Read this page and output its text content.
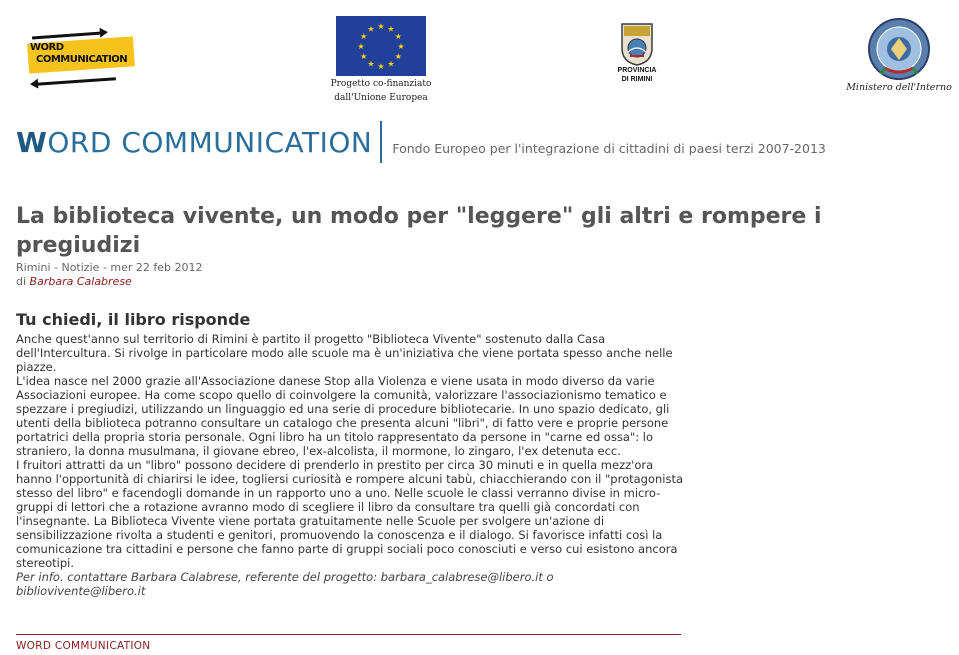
WORD
COMMUNICATION
★ ★
★
★
★
★
★
★
★
★
★
★
Progetto co-finanziato
dall'Unione Europea
PROVINCIA
DI RIMINI
Ministero dell'Interno
WORD COMMUNICATION Fondo Europeo per l'integrazione di cittadini di paesi terzi 2007-2013
La biblioteca vivente, un modo per "leggere" gli altri e rompere i pregiudizi
Rimini - Notizie - mer 22 feb 2012
di Barbara Calabrese
Tu chiedi, il libro risponde

Anche quest'anno sul territorio di Rimini è partito il progetto "Biblioteca Vivente" sostenuto dalla Casa dell'Intercultura. Si rivolge in particolare modo alle scuole ma è un'iniziativa che viene portata spesso anche nelle piazze.

L'idea nasce nel 2000 grazie all'Associazione danese Stop alla Violenza e viene usata in modo diverso da varie Associazioni europee. Ha come scopo quello di coinvolgere la comunità, valorizzare l'associazionismo tematico e spezzare i pregiudizi, utilizzando un linguaggio ed una serie di procedure bibliotecarie. In uno spazio dedicato, gli utenti della biblioteca potranno consultare un catalogo che presenta alcuni "libri", di fatto vere e proprie persone portatrici della propria storia personale. Ogni libro ha un titolo rappresentato da persone in "carne ed ossa": lo straniero, la donna musulmana, il giovane ebreo, l'ex-alcolista, il mormone, lo zingaro, l'ex detenuta ecc.

I fruitori attratti da un "libro" possono decidere di prenderlo in prestito per circa 30 minuti e in quella mezz'ora hanno l'opportunità di chiarirsi le idee, togliersi curiosità e rompere alcuni tabù, chiacchierando con il "protagonista stesso del libro" e facendogli domande in un rapporto uno a uno. Nelle scuole le classi verranno divise in micro-gruppi di lettori che a rotazione avranno modo di scegliere il libro da consultare tra quelli già concordati con l'insegnante. La Biblioteca Vivente viene portata gratuitamente nelle Scuole per svolgere un'azione di sensibilizzazione rivolta a studenti e genitori, promuovendo la conoscenza e il dialogo. Si favorisce infatti così la comunicazione tra cittadini e persone che fanno parte di gruppi sociali poco conosciuti e verso cui esistono ancora stereotipi.

Per info. contattare Barbara Calabrese, referente del progetto: barbara_calabrese@libero.it o bibliovivente@libero.it

WORD COMMUNICATION
